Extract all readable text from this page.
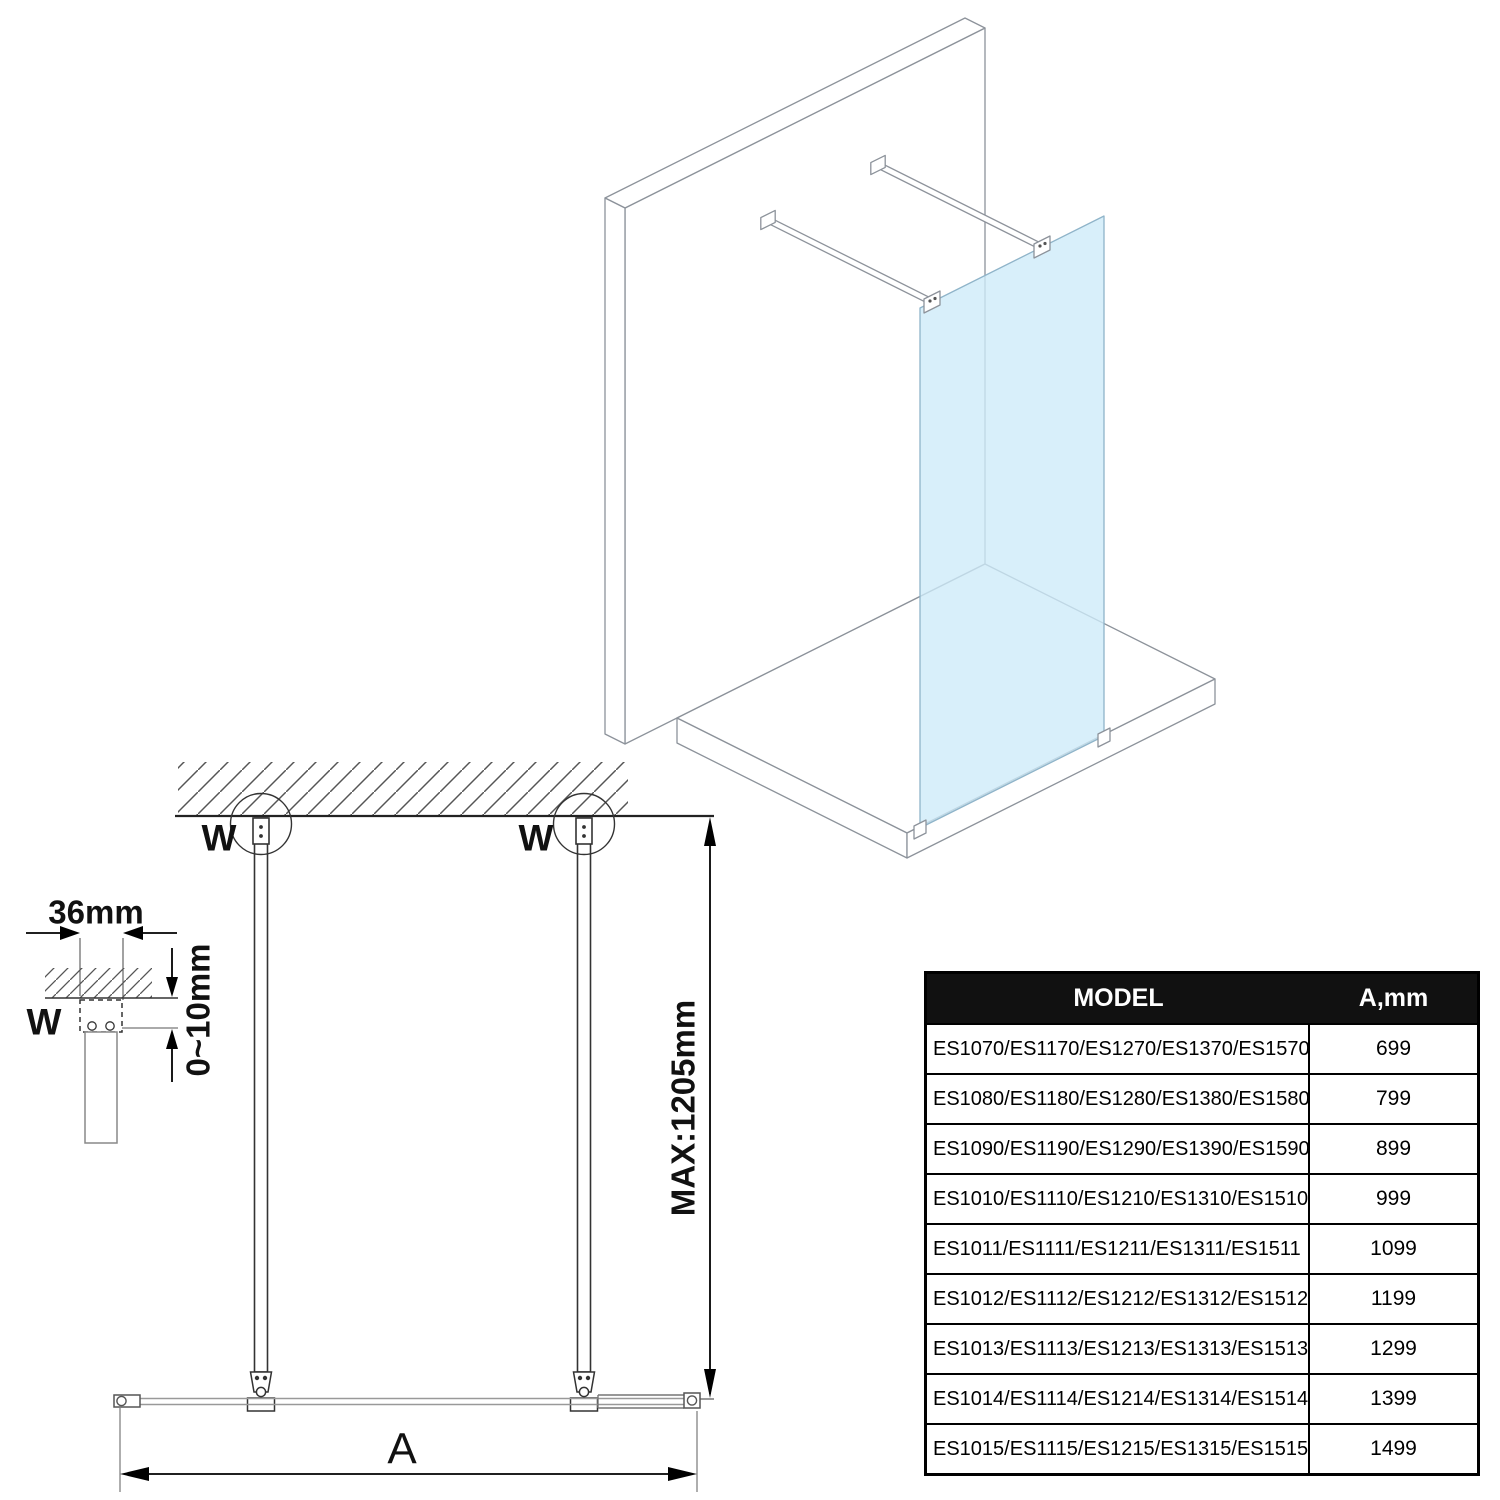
MAX:1205mm
A
W	W
36mm
0~10mm
W
MODEL	A,mm
ES1070/ES1170/ES1270/ES1370/ES1570	699
ES1080/ES1180/ES1280/ES1380/ES1580	799
ES1090/ES1190/ES1290/ES1390/ES1590	899
ES1010/ES1110/ES1210/ES1310/ES1510	999
ES1011/ES1111/ES1211/ES1311/ES1511	1099
ES1012/ES1112/ES1212/ES1312/ES1512	1199
ES1013/ES1113/ES1213/ES1313/ES1513	1299
ES1014/ES1114/ES1214/ES1314/ES1514	1399
ES1015/ES1115/ES1215/ES1315/ES1515	1499
